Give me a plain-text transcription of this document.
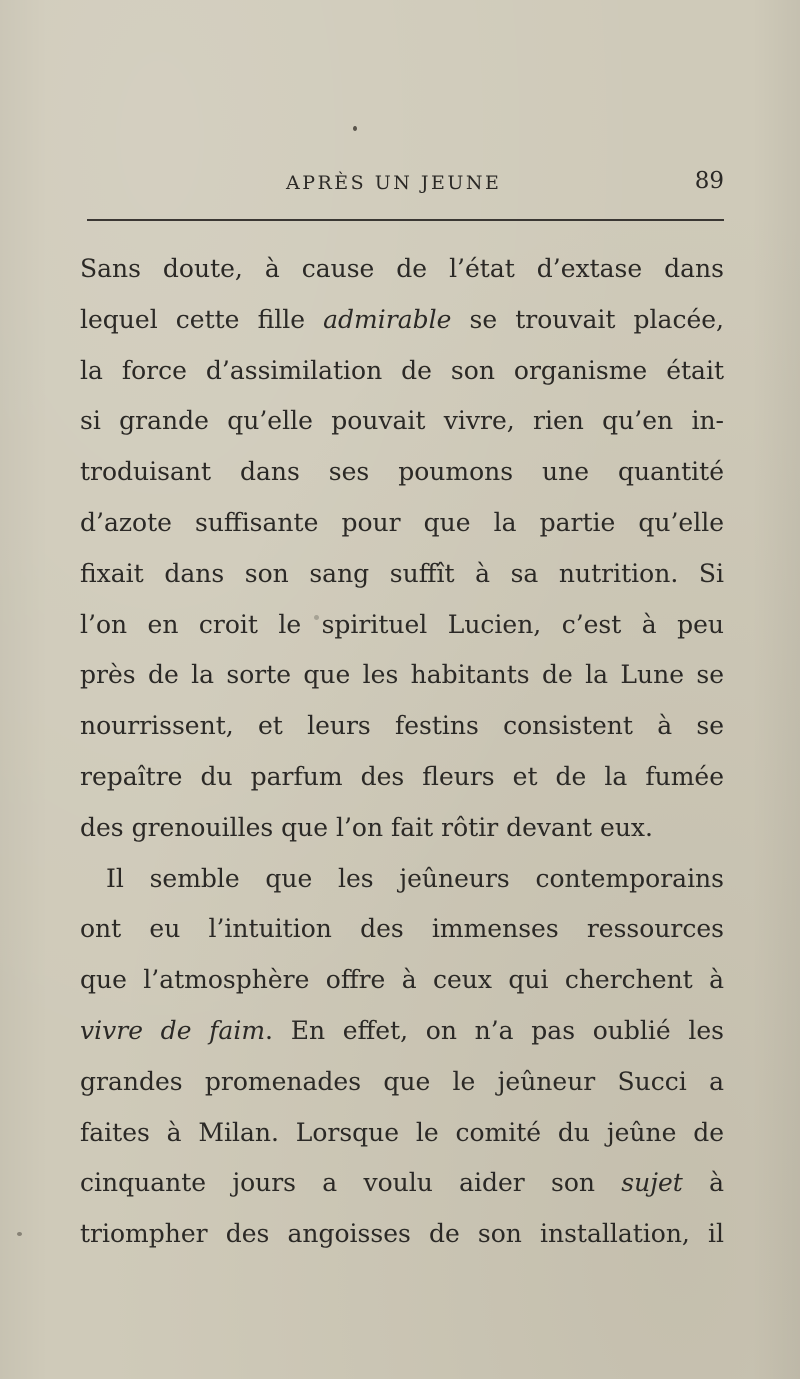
APRÈS UN JEUNE	89
Sans doute, à cause de l’état d’extase dans
lequel cette fille admirable se trouvait placée,
la force d’assimilation de son organisme était
si grande qu’elle pouvait vivre, rien qu’en in-
troduisant dans ses poumons une quantité
d’azote suffisante pour que la partie qu’elle
fixait dans son sang suffît à sa nutrition. Si
l’on en croit le spirituel Lucien, c’est à peu
près de la sorte que les habitants de la Lune se
nourrissent, et leurs festins consistent à se
repaître du parfum des fleurs et de la fumée
des grenouilles que l’on fait rôtir devant eux.
Il semble que les jeûneurs contemporains
ont eu l’intuition des immenses ressources
que l’atmosphère offre à ceux qui cherchent à
vivre de faim. En effet, on n’a pas oublié les
grandes promenades que le jeûneur Succi a
faites à Milan. Lorsque le comité du jeûne de
cinquante jours a voulu aider son sujet à
triompher des angoisses de son installation, il
